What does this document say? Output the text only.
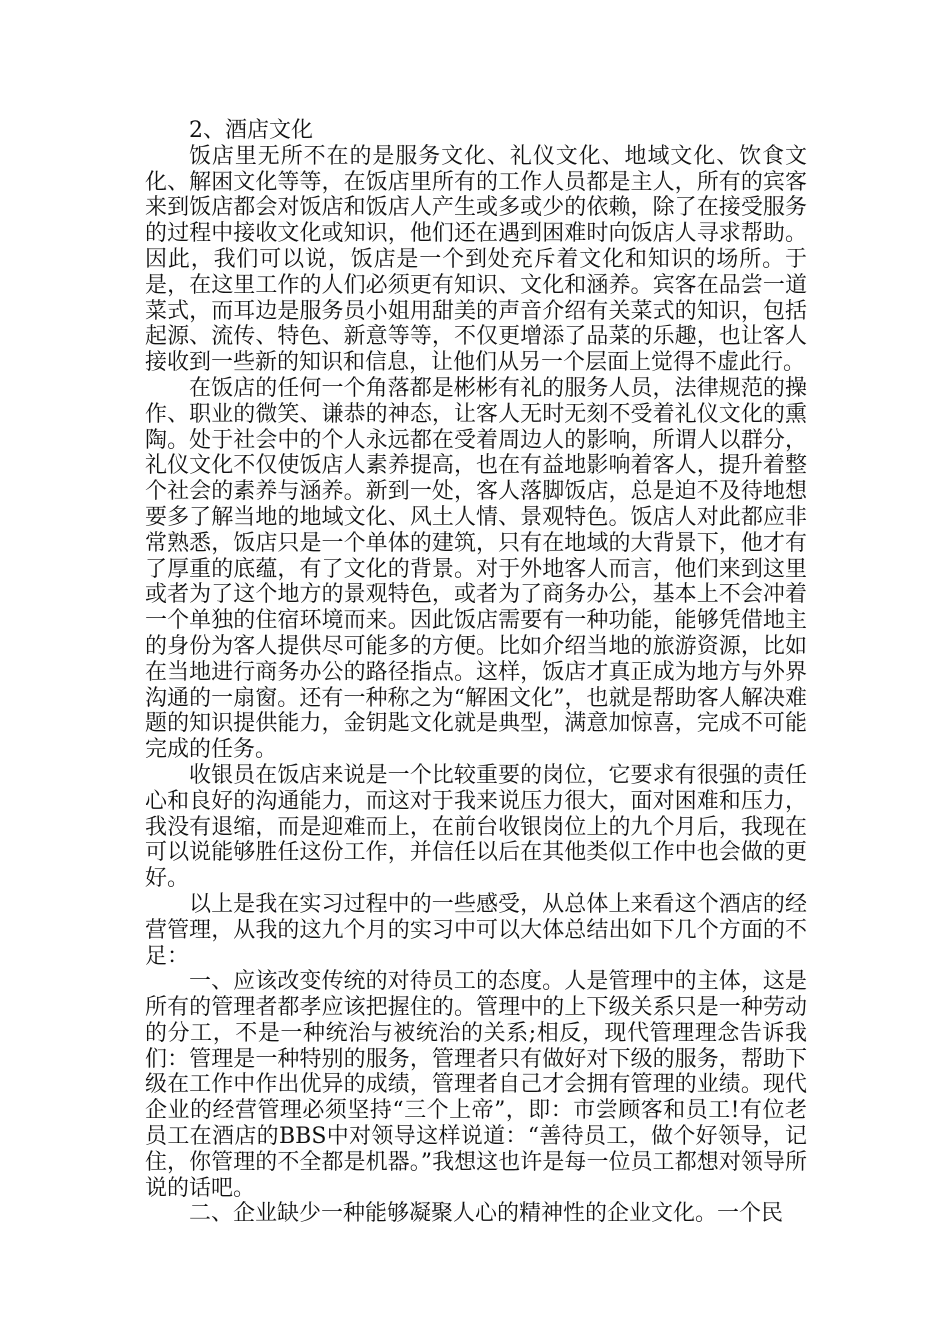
2、酒店文化

饭店里无所不在的是服务文化、礼仪文化、地域文化、饮食文化、解困文化等等，在饭店里所有的工作人员都是主人，所有的宾客来到饭店都会对饭店和饭店人产生或多或少的依赖，除了在接受服务的过程中接收文化或知识，他们还在遇到困难时向饭店人寻求帮助。因此，我们可以说，饭店是一个到处充斥着文化和知识的场所。于是，在这里工作的人们必须更有知识、文化和涵养。宾客在品尝一道菜式，而耳边是服务员小姐用甜美的声音介绍有关菜式的知识，包括起源、流传、特色、新意等等，不仅更增添了品菜的乐趣，也让客人接收到一些新的知识和信息，让他们从另一个层面上觉得不虚此行。

在饭店的任何一个角落都是彬彬有礼的服务人员，法律规范的操作、职业的微笑、谦恭的神态，让客人无时无刻不受着礼仪文化的熏陶。处于社会中的个人永远都在受着周边人的影响，所谓人以群分，礼仪文化不仅使饭店人素养提高，也在有益地影响着客人，提升着整个社会的素养与涵养。新到一处，客人落脚饭店，总是迫不及待地想要多了解当地的地域文化、风土人情、景观特色。饭店人对此都应非常熟悉，饭店只是一个单体的建筑，只有在地域的大背景下，他才有了厚重的底蕴，有了文化的背景。对于外地客人而言，他们来到这里或者为了这个地方的景观特色，或者为了商务办公，基本上不会冲着一个单独的住宿环境而来。因此饭店需要有一种功能，能够凭借地主的身份为客人提供尽可能多的方便。比如介绍当地的旅游资源，比如在当地进行商务办公的路径指点。这样，饭店才真正成为地方与外界沟通的一扇窗。还有一种称之为“解困文化”，也就是帮助客人解决难题的知识提供能力，金钥匙文化就是典型，满意加惊喜，完成不可能完成的任务。

收银员在饭店来说是一个比较重要的岗位，它要求有很强的责任心和良好的沟通能力，而这对于我来说压力很大，面对困难和压力，我没有退缩，而是迎难而上，在前台收银岗位上的九个月后，我现在可以说能够胜任这份工作，并信任以后在其他类似工作中也会做的更好。

以上是我在实习过程中的一些感受，从总体上来看这个酒店的经营管理，从我的这九个月的实习中可以大体总结出如下几个方面的不足：

一、应该改变传统的对待员工的态度。人是管理中的主体，这是所有的管理者都孝应该把握住的。管理中的上下级关系只是一种劳动的分工，不是一种统治与被统治的关系;相反，现代管理理念告诉我们：管理是一种特别的服务，管理者只有做好对下级的服务，帮助下级在工作中作出优异的成绩，管理者自己才会拥有管理的业绩。现代企业的经营管理必须坚持“三个上帝”，即：市尝顾客和员工!有位老员工在酒店的BBS中对领导这样说道：“善待员工，做个好领导，记住，你管理的不全都是机器。”我想这也许是每一位员工都想对领导所说的话吧。

二、企业缺少一种能够凝聚人心的精神性的企业文化。一个民
